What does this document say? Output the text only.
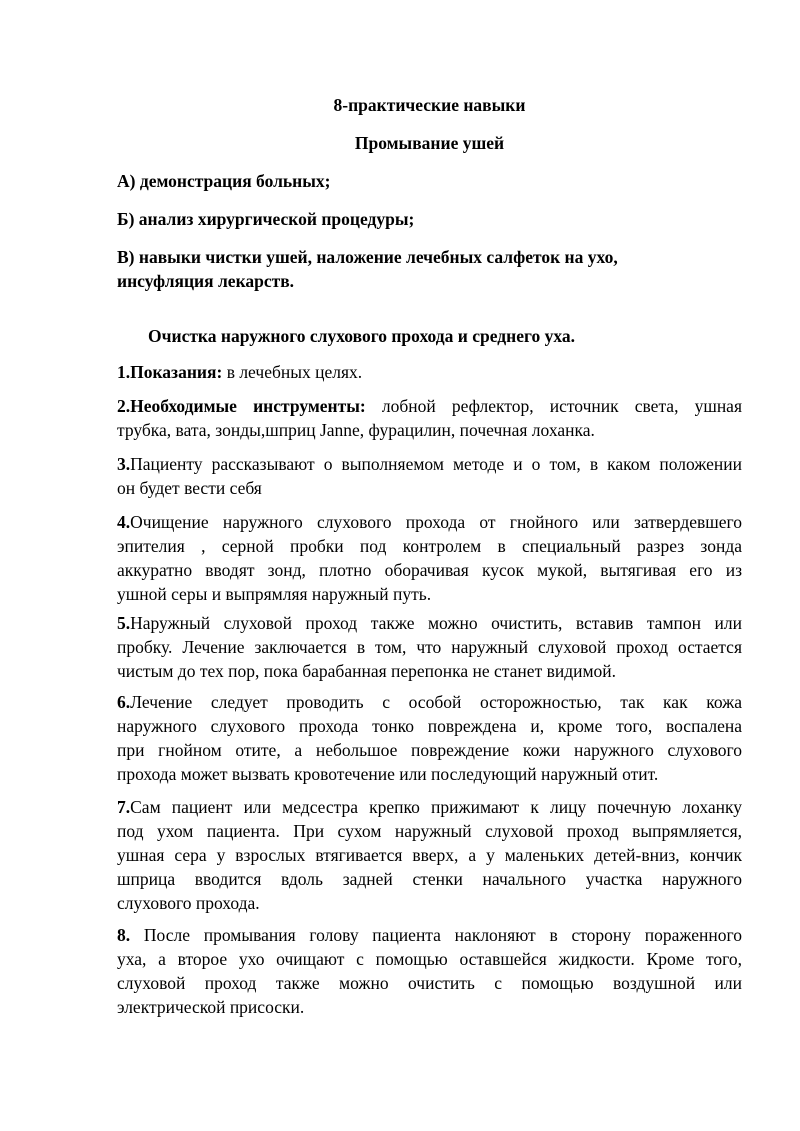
8-практические навыки
Промывание ушей
А) демонстрация больных;
Б) анализ хирургической процедуры;
В) навыки чистки ушей, наложение лечебных салфеток на ухо,
инсуфляция лекарств.
Очистка наружного слухового прохода и среднего уха.
1.Показания: в лечебных целях.
2.Необходимые инструменты: лобной рефлектор, источник света, ушная
трубка, вата, зонды,шприц Janne, фурацилин, почечная лоханка.
3.Пациенту рассказывают о выполняемом методе и о том, в каком положении
он будет вести себя
4.Очищение наружного слухового прохода от гнойного или затвердевшего
эпителия , серной пробки под контролем в специальный разрез зонда
аккуратно вводят зонд, плотно оборачивая кусок мукой, вытягивая его из
ушной серы и выпрямляя наружный путь.
5.Наружный слуховой проход также можно очистить, вставив тампон или
пробку. Лечение заключается в том, что наружный слуховой проход остается
чистым до тех пор, пока барабанная перепонка не станет видимой.
6.Лечение следует проводить с особой осторожностью, так как кожа
наружного слухового прохода тонко повреждена и, кроме того, воспалена
при гнойном отите, а небольшое повреждение кожи наружного слухового
прохода может вызвать кровотечение или последующий наружный отит.
7.Сам пациент или медсестра крепко прижимают к лицу почечную лоханку
под ухом пациента. При сухом наружный слуховой проход выпрямляется,
ушная сера у взрослых втягивается вверх, а у маленьких детей-вниз, кончик
шприца вводится вдоль задней стенки начального участка наружного
слухового прохода.
8. После промывания голову пациента наклоняют в сторону пораженного
уха, а второе ухо очищают с помощью оставшейся жидкости. Кроме того,
слуховой проход также можно очистить с помощью воздушной или
электрической присоски.
